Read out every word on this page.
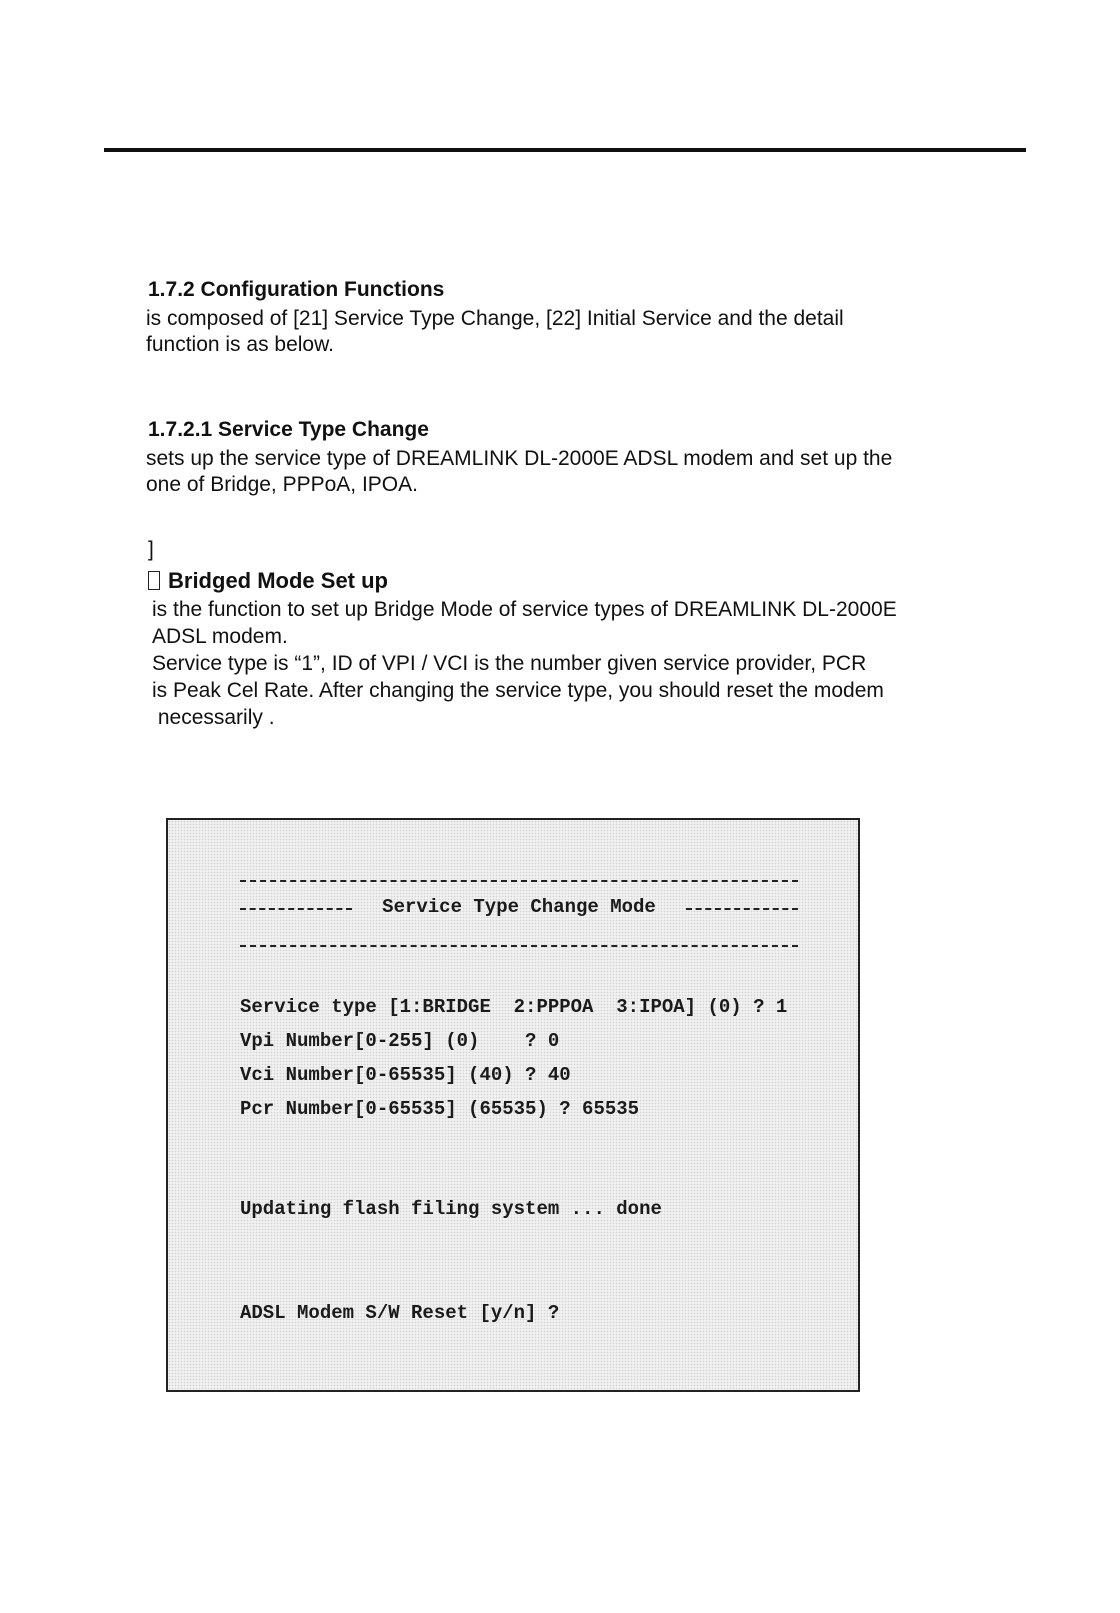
1.7.2 Configuration Functions
is composed of [21] Service Type Change, [22] Initial Service and the detail
function is as below.
1.7.2.1 Service Type Change
sets up the service type of DREAMLINK DL-2000E ADSL modem and set up the
one of Bridge, PPPoA, IPOA.
]
Bridged Mode Set up
is the function to set up Bridge Mode of service types of DREAMLINK DL-2000E
ADSL modem.
Service type is “1”, ID of VPI / VCI is the number given service provider, PCR
is Peak Cel Rate. After changing the service type, you should reset the modem
necessarily .
Service Type Change Mode
Service type [1:BRIDGE  2:PPPOA  3:IPOA] (0) ? 1
Vpi Number[0-255] (0)    ? 0
Vci Number[0-65535] (40) ? 40
Pcr Number[0-65535] (65535) ? 65535
Updating flash filing system ... done
ADSL Modem S/W Reset [y/n] ?
